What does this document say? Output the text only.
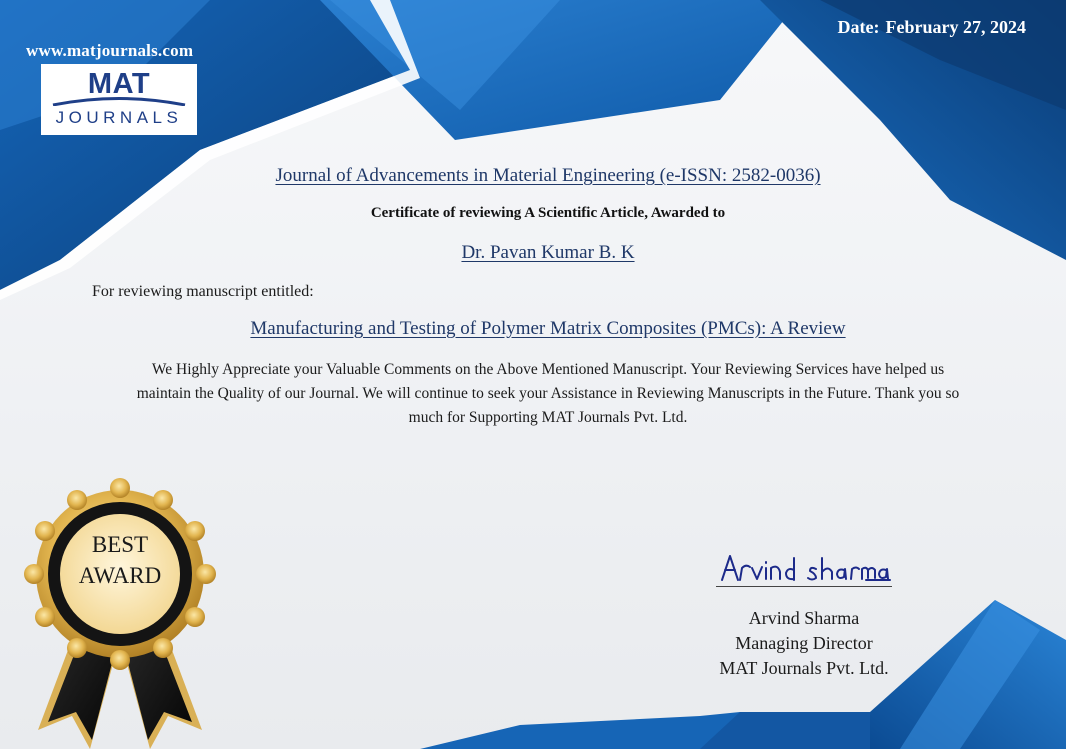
www.matjournals.com
Date: February 27, 2024
MAT
JOURNALS
Journal of Advancements in Material Engineering (e-ISSN: 2582-0036)
Certificate of reviewing A Scientific Article, Awarded to
Dr. Pavan Kumar B. K
For reviewing manuscript entitled:
Manufacturing and Testing of Polymer Matrix Composites (PMCs): A Review
We Highly Appreciate your Valuable Comments on the Above Mentioned Manuscript. Your Reviewing Services have helped us
maintain the Quality of our Journal. We will continue to seek your Assistance in Reviewing Manuscripts in the Future. Thank you so
much for Supporting MAT Journals Pvt. Ltd.
Arvind Sharma
Managing Director
MAT Journals Pvt. Ltd.
BEST
AWARD
